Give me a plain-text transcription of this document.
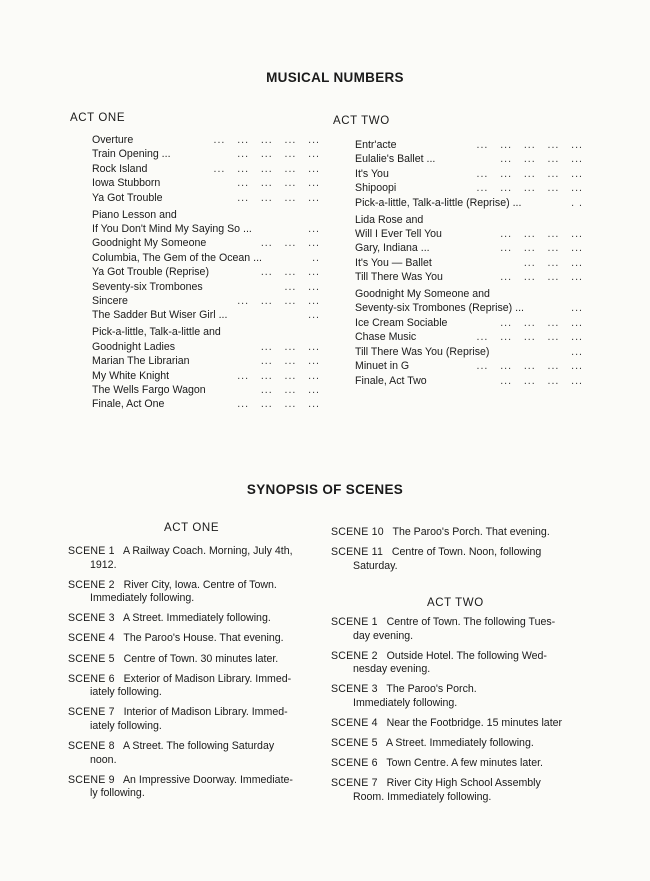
MUSICAL NUMBERS
ACT ONE
Overture	...   ...   ...   ...   ...
Train Opening ...	...   ...   ...   ...
Rock Island	...   ...   ...   ...   ...
Iowa Stubborn	...   ...   ...   ...
Ya Got Trouble	...   ...   ...   ...
Piano Lesson and
If You Don't Mind My Saying So ...	...
Goodnight My Someone	...   ...   ...
Columbia, The Gem of the Ocean ...	..
Ya Got Trouble (Reprise)	...   ...   ...
Seventy-six Trombones	...   ...
Sincere	...   ...   ...   ...
The Sadder But Wiser Girl ...	...
Pick-a-little, Talk-a-little and
Goodnight Ladies	...   ...   ...
Marian The Librarian	...   ...   ...
My White Knight	...   ...   ...   ...
The Wells Fargo Wagon	...   ...   ...
Finale, Act One	...   ...   ...   ...
ACT TWO
Entr'acte	...   ...   ...   ...   ...
Eulalie's Ballet ...	...   ...   ...   ...
It's You	...   ...   ...   ...   ...
Shipoopi	...   ...   ...   ...   ...
Pick-a-little, Talk-a-little (Reprise) ...	. .
Lida Rose and
Will I Ever Tell You	...   ...   ...   ...
Gary, Indiana ...	...   ...   ...   ...
It's You — Ballet	...   ...   ...
Till There Was You	...   ...   ...   ...
Goodnight My Someone and
Seventy-six Trombones (Reprise) ...	...
Ice Cream Sociable	...   ...   ...   ...
Chase Music	...   ...   ...   ...   ...
Till There Was You (Reprise)	...
Minuet in G	...   ...   ...   ...   ...
Finale, Act Two	...   ...   ...   ...
SYNOPSIS OF SCENES
ACT ONE
SCENE 1 A Railway Coach. Morning, July 4th,
1912.
SCENE 2 River City, Iowa. Centre of Town.
Immediately following.
SCENE 3 A Street. Immediately following.
SCENE 4 The Paroo's House. That evening.
SCENE 5 Centre of Town. 30 minutes later.
SCENE 6 Exterior of Madison Library. Immed-
iately following.
SCENE 7 Interior of Madison Library. Immed-
iately following.
SCENE 8 A Street. The following Saturday
noon.
SCENE 9 An Impressive Doorway. Immediate-
ly following.
SCENE 10 The Paroo's Porch. That evening.
SCENE 11 Centre of Town. Noon, following
Saturday.
ACT TWO
SCENE 1 Centre of Town. The following Tues-
day evening.
SCENE 2 Outside Hotel. The following Wed-
nesday evening.
SCENE 3 The Paroo's Porch.
Immediately following.
SCENE 4 Near the Footbridge. 15 minutes later
SCENE 5 A Street. Immediately following.
SCENE 6 Town Centre. A few minutes later.
SCENE 7 River City High School Assembly
Room. Immediately following.
